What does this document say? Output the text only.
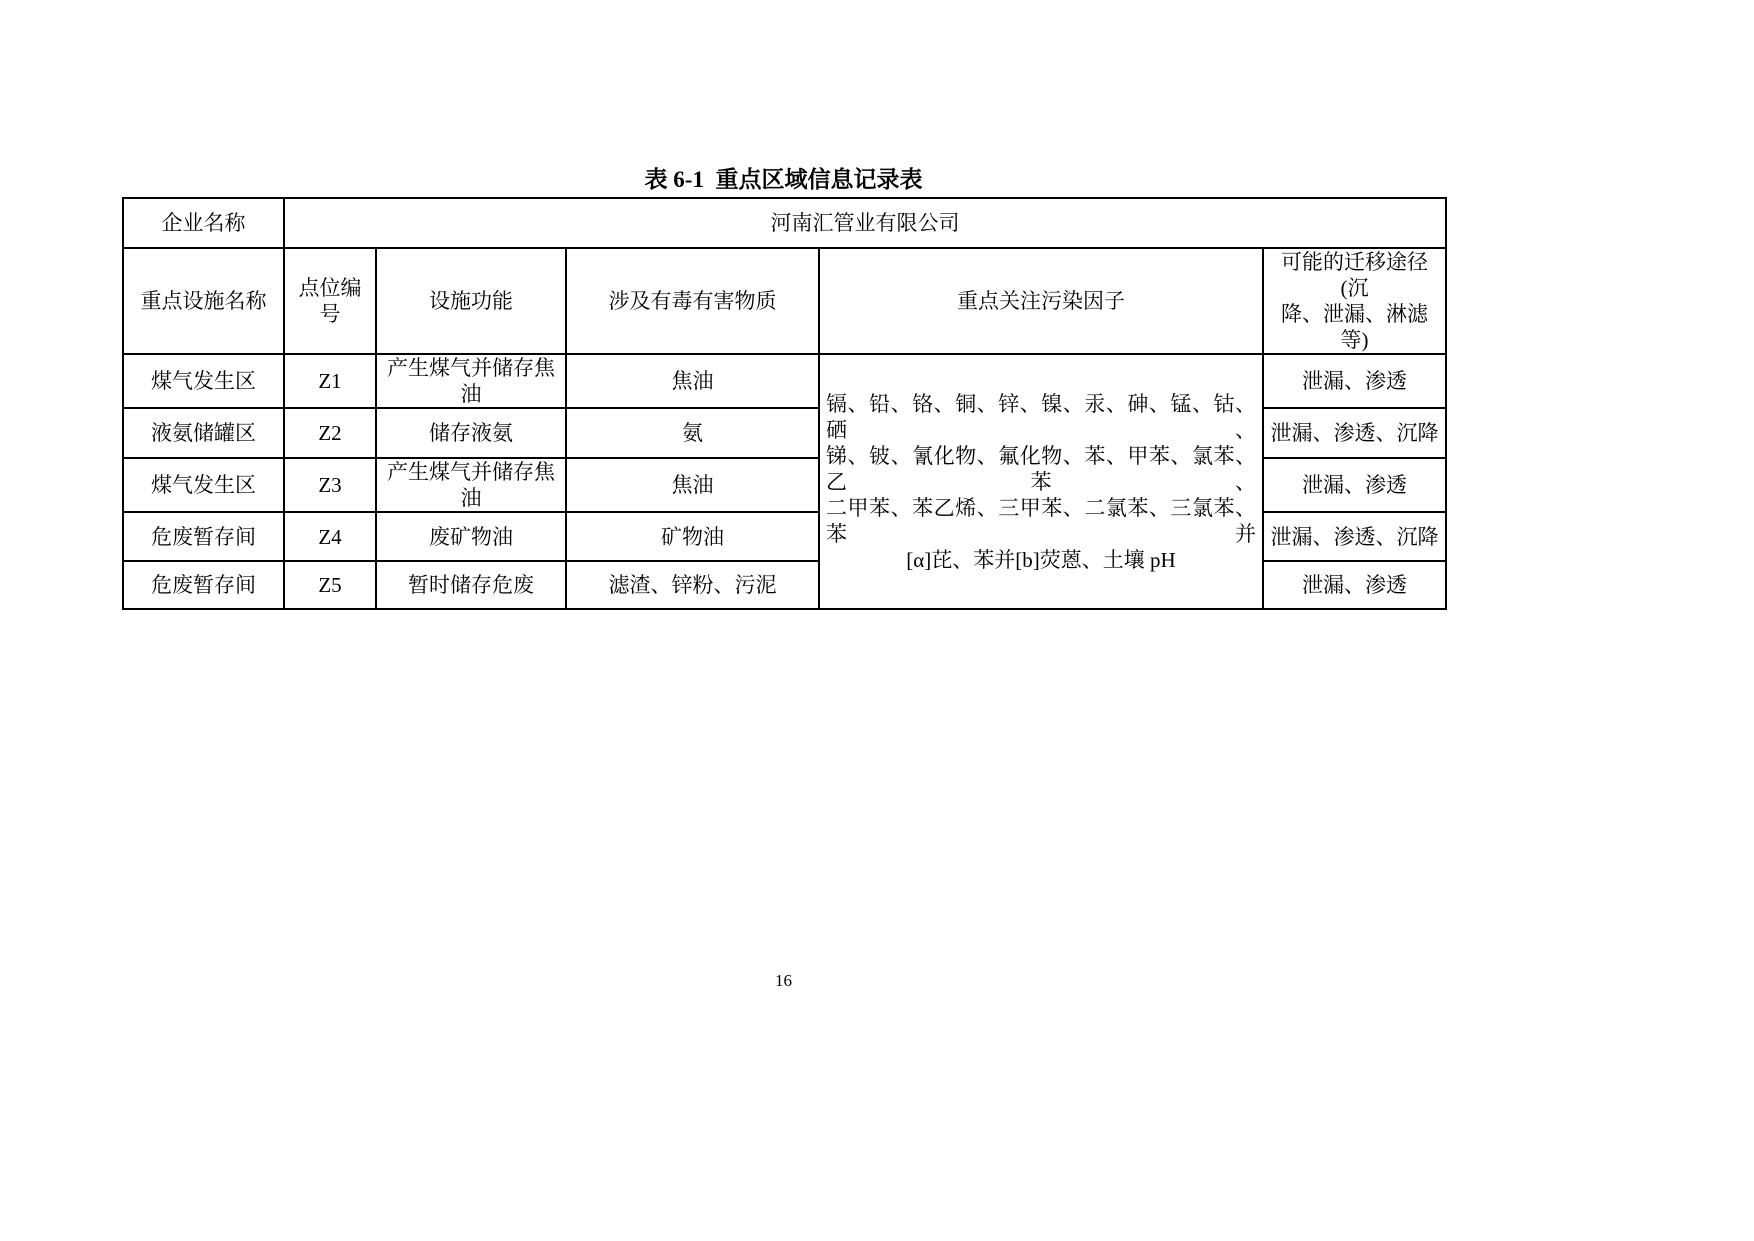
表 6-1  重点区域信息记录表
企业名称	河南汇管业有限公司				
重点设施名称	点位编号	设施功能	涉及有毒有害物质	重点关注污染因子	可能的迁移途径(沉
降、泄漏、淋滤等)

煤气发生区	Z1	产生煤气并储存焦油	焦油	镉、铅、铬、铜、锌、镍、汞、砷、锰、钴、硒、
锑、铍、氰化物、氟化物、苯、甲苯、氯苯、乙苯、
二甲苯、苯乙烯、三甲苯、二氯苯、三氯苯、苯并
[α]芘、苯并[b]荧蒽、土壤 pH	泄漏、渗透
液氨储罐区	Z2	储存液氨	氨		泄漏、渗透、沉降
煤气发生区	Z3	产生煤气并储存焦油	焦油		泄漏、渗透
危废暂存间	Z4	废矿物油	矿物油		泄漏、渗透、沉降
危废暂存间	Z5	暂时储存危废	滤渣、锌粉、污泥		泄漏、渗透
16
